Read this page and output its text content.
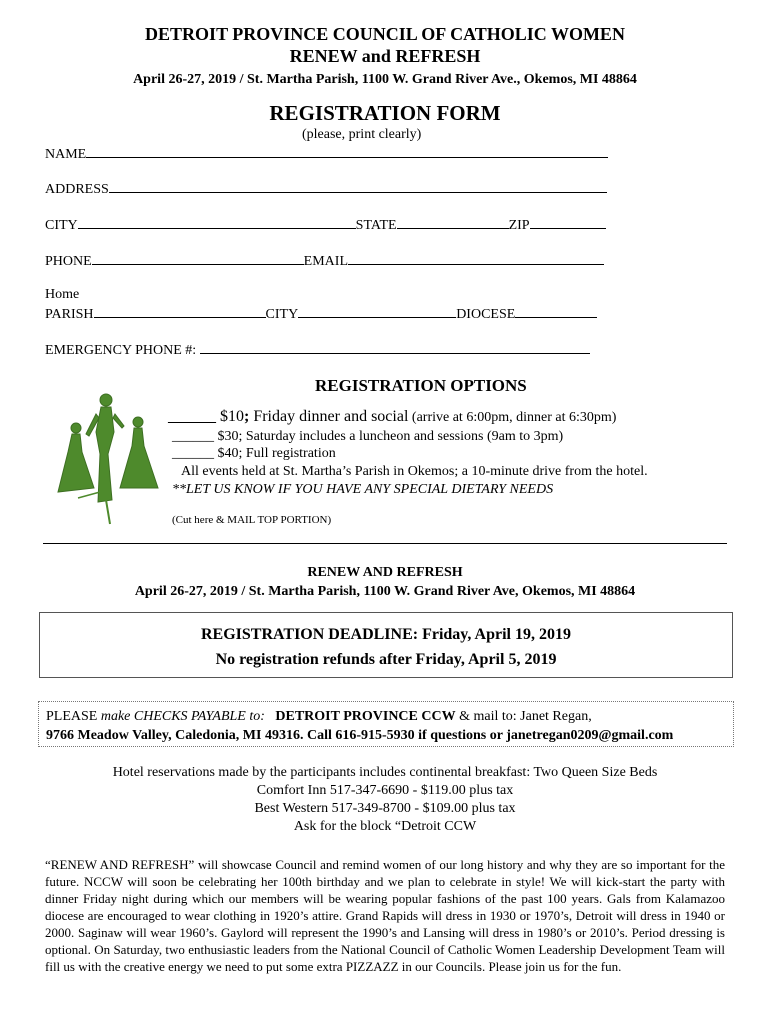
DETROIT PROVINCE COUNCIL OF CATHOLIC WOMEN
RENEW and REFRESH
April 26-27, 2019 / St. Martha Parish, 1100 W. Grand River Ave., Okemos, MI 48864
REGISTRATION FORM
(please, print clearly)
NAME
ADDRESS
CITY	STATE	ZIP
PHONE	EMAIL
Home
PARISH	CITY	DIOCESE
EMERGENCY PHONE #:
REGISTRATION OPTIONS
______ $10; Friday dinner and social (arrive at 6:00pm, dinner at 6:30pm)
______ $30; Saturday includes a luncheon and sessions (9am to 3pm)
______ $40; Full registration
All events held at St. Martha’s Parish in Okemos; a 10-minute drive from the hotel.
**LET US KNOW IF YOU HAVE ANY SPECIAL DIETARY NEEDS
(Cut here & MAIL TOP PORTION)
RENEW AND REFRESH
April 26-27, 2019 / St. Martha Parish, 1100 W. Grand River Ave, Okemos, MI 48864
REGISTRATION DEADLINE: Friday, April 19, 2019
No registration refunds after Friday, April 5, 2019
PLEASE make CHECKS PAYABLE to: DETROIT PROVINCE CCW & mail to: Janet Regan,
9766 Meadow Valley, Caledonia, MI 49316. Call 616-915-5930 if questions or janetregan0209@gmail.com
Hotel reservations made by the participants includes continental breakfast: Two Queen Size Beds
Comfort Inn 517-347-6690 - $119.00 plus tax
Best Western 517-349-8700 - $109.00 plus tax
Ask for the block “Detroit CCW
“RENEW AND REFRESH” will showcase Council and remind women of our long history and why they are so important for the future. NCCW will soon be celebrating her 100th birthday and we plan to celebrate in style! We will kick-start the party with dinner Friday night during which our members will be wearing popular fashions of the past 100 years. Gals from Kalamazoo diocese are encouraged to wear clothing in 1920’s attire. Grand Rapids will dress in 1930 or 1970’s, Detroit will dress in 1940 or 2000. Saginaw will wear 1960’s. Gaylord will represent the 1990’s and Lansing will dress in 1980’s or 2010’s. Period dressing is optional. On Saturday, two enthusiastic leaders from the National Council of Catholic Women Leadership Development Team will fill us with the creative energy we need to put some extra PIZZAZZ in our Councils. Please join us for the fun.
